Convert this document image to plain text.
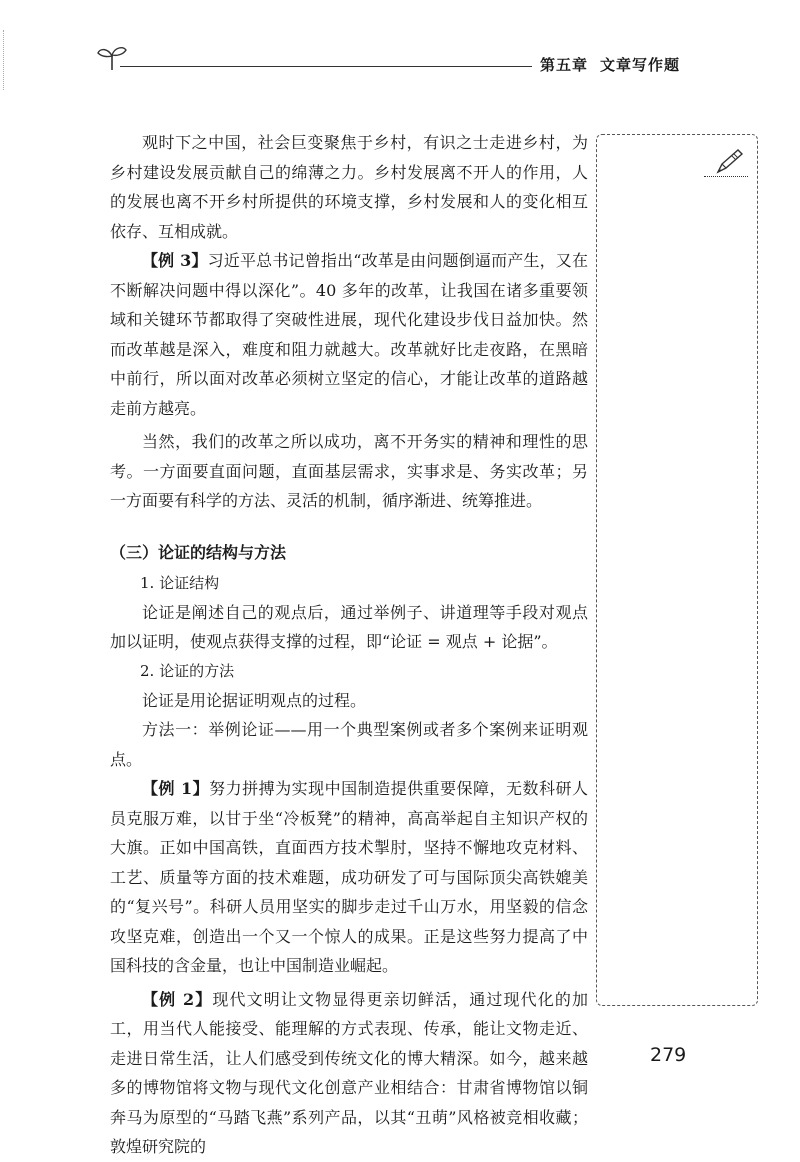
第五章 文章写作题

观时下之中国，社会巨变聚焦于乡村，有识之士走进乡村，为乡村建设发展贡献自己的绵薄之力。乡村发展离不开人的作用，人的发展也离不开乡村所提供的环境支撑，乡村发展和人的变化相互依存、互相成就。

【例 3】习近平总书记曾指出“改革是由问题倒逼而产生，又在不断解决问题中得以深化”。40 多年的改革，让我国在诸多重要领域和关键环节都取得了突破性进展，现代化建设步伐日益加快。然而改革越是深入，难度和阻力就越大。改革就好比走夜路，在黑暗中前行，所以面对改革必须树立坚定的信心，才能让改革的道路越走前方越亮。

当然，我们的改革之所以成功，离不开务实的精神和理性的思考。一方面要直面问题，直面基层需求，实事求是、务实改革；另一方面要有科学的方法、灵活的机制，循序渐进、统筹推进。

（三）论证的结构与方法
1. 论证结构

论证是阐述自己的观点后，通过举例子、讲道理等手段对观点加以证明，使观点获得支撑的过程，即“论证 = 观点 + 论据”。

2. 论证的方法

论证是用论据证明观点的过程。

方法一：举例论证——用一个典型案例或者多个案例来证明观点。

【例 1】努力拼搏为实现中国制造提供重要保障，无数科研人员克服万难，以甘于坐“冷板凳”的精神，高高举起自主知识产权的大旗。正如中国高铁，直面西方技术掣肘，坚持不懈地攻克材料、工艺、质量等方面的技术难题，成功研发了可与国际顶尖高铁媲美的“复兴号”。科研人员用坚实的脚步走过千山万水，用坚毅的信念攻坚克难，创造出一个又一个惊人的成果。正是这些努力提高了中国科技的含金量，也让中国制造业崛起。

【例 2】现代文明让文物显得更亲切鲜活，通过现代化的加工，用当代人能接受、能理解的方式表现、传承，能让文物走近、走进日常生活，让人们感受到传统文化的博大精深。如今，越来越多的博物馆将文物与现代文化创意产业相结合：甘肃省博物馆以铜奔马为原型的“马踏飞燕”系列产品，以其“丑萌”风格被竞相收藏；敦煌研究院的

279
